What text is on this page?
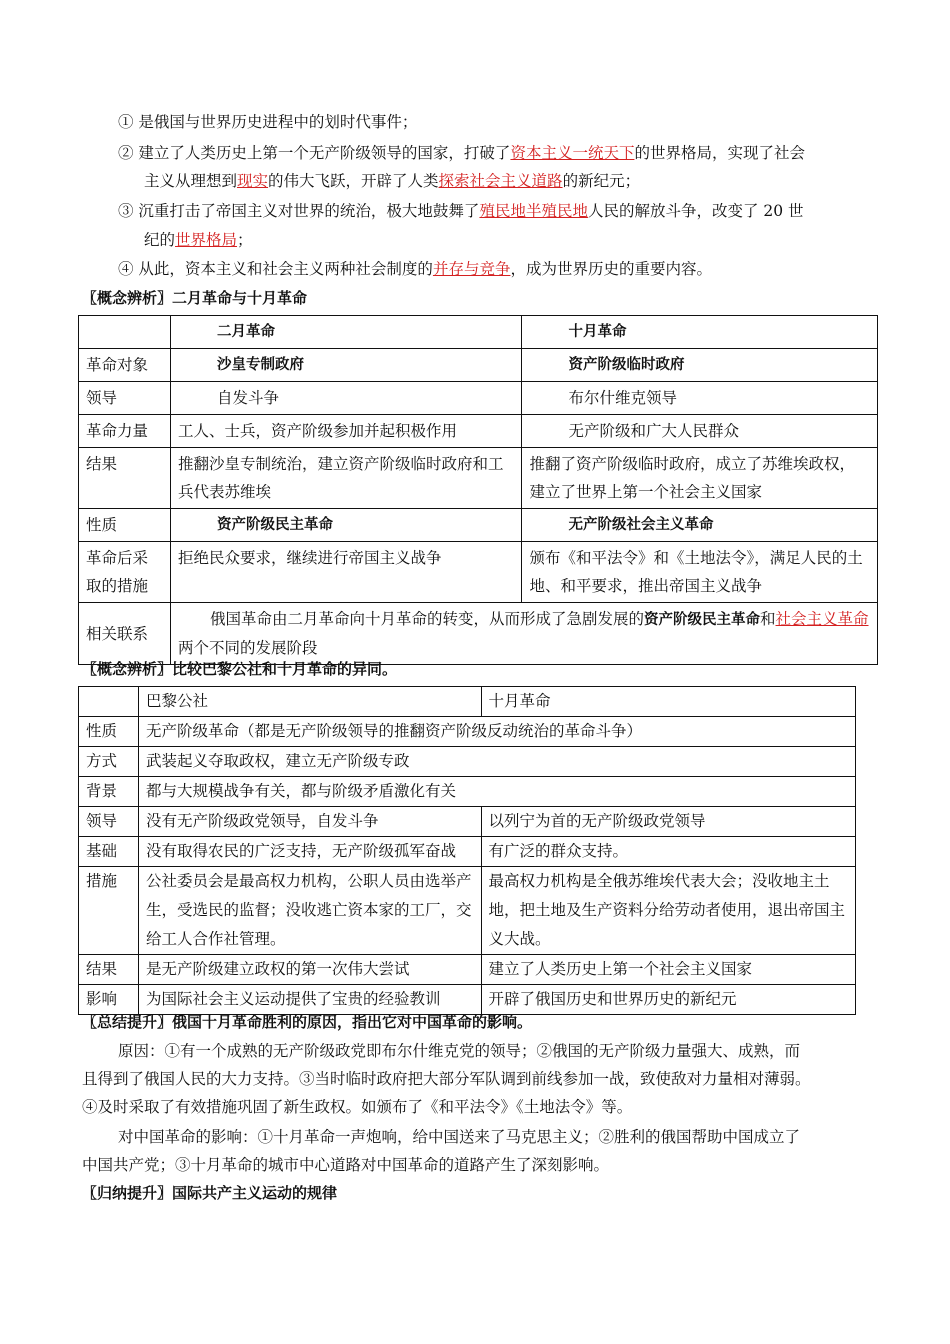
① 是俄国与世界历史进程中的划时代事件；
② 建立了人类历史上第一个无产阶级领导的国家，打破了资本主义一统天下的世界格局，实现了社会
主义从理想到现实的伟大飞跃，开辟了人类探索社会主义道路的新纪元；
③ 沉重打击了帝国主义对世界的统治，极大地鼓舞了殖民地半殖民地人民的解放斗争，改变了 20 世
纪的世界格局；
④ 从此，资本主义和社会主义两种社会制度的并存与竞争，成为世界历史的重要内容。
〖概念辨析〗二月革命与十月革命
	二月革命	十月革命
革命对象	沙皇专制政府	资产阶级临时政府
领导	自发斗争	布尔什维克领导
革命力量	工人、士兵，资产阶级参加并起积极作用	无产阶级和广大人民群众
结果	推翻沙皇专制统治，建立资产阶级临时政府和工兵代表苏维埃	推翻了资产阶级临时政府，成立了苏维埃政权，建立了世界上第一个社会主义国家
性质	资产阶级民主革命	无产阶级社会主义革命
革命后采取的措施	拒绝民众要求，继续进行帝国主义战争	颁布《和平法令》和《土地法令》，满足人民的土地、和平要求，推出帝国主义战争
相关联系	俄国革命由二月革命向十月革命的转变，从而形成了急剧发展的资产阶级民主革命和社会主义革命两个不同的发展阶段	
〖概念辨析〗比较巴黎公社和十月革命的异同。
	巴黎公社	十月革命
性质	无产阶级革命（都是无产阶级领导的推翻资产阶级反动统治的革命斗争）	
方式	武装起义夺取政权，建立无产阶级专政	
背景	都与大规模战争有关，都与阶级矛盾激化有关	
领导	没有无产阶级政党领导，自发斗争	以列宁为首的无产阶级政党领导
基础	没有取得农民的广泛支持，无产阶级孤军奋战	有广泛的群众支持。
措施	公社委员会是最高权力机构，公职人员由选举产生，受选民的监督；没收逃亡资本家的工厂，交给工人合作社管理。	最高权力机构是全俄苏维埃代表大会；没收地主土地，把土地及生产资料分给劳动者使用，退出帝国主义大战。
结果	是无产阶级建立政权的第一次伟大尝试	建立了人类历史上第一个社会主义国家
影响	为国际社会主义运动提供了宝贵的经验教训	开辟了俄国历史和世界历史的新纪元
〖总结提升〗俄国十月革命胜利的原因，指出它对中国革命的影响。
原因：①有一个成熟的无产阶级政党即布尔什维克党的领导；②俄国的无产阶级力量强大、成熟，而
且得到了俄国人民的大力支持。③当时临时政府把大部分军队调到前线参加一战，致使敌对力量相对薄弱。
④及时采取了有效措施巩固了新生政权。如颁布了《和平法令》《土地法令》等。
对中国革命的影响：①十月革命一声炮响，给中国送来了马克思主义；②胜利的俄国帮助中国成立了
中国共产党；③十月革命的城市中心道路对中国革命的道路产生了深刻影响。
〖归纳提升〗国际共产主义运动的规律
